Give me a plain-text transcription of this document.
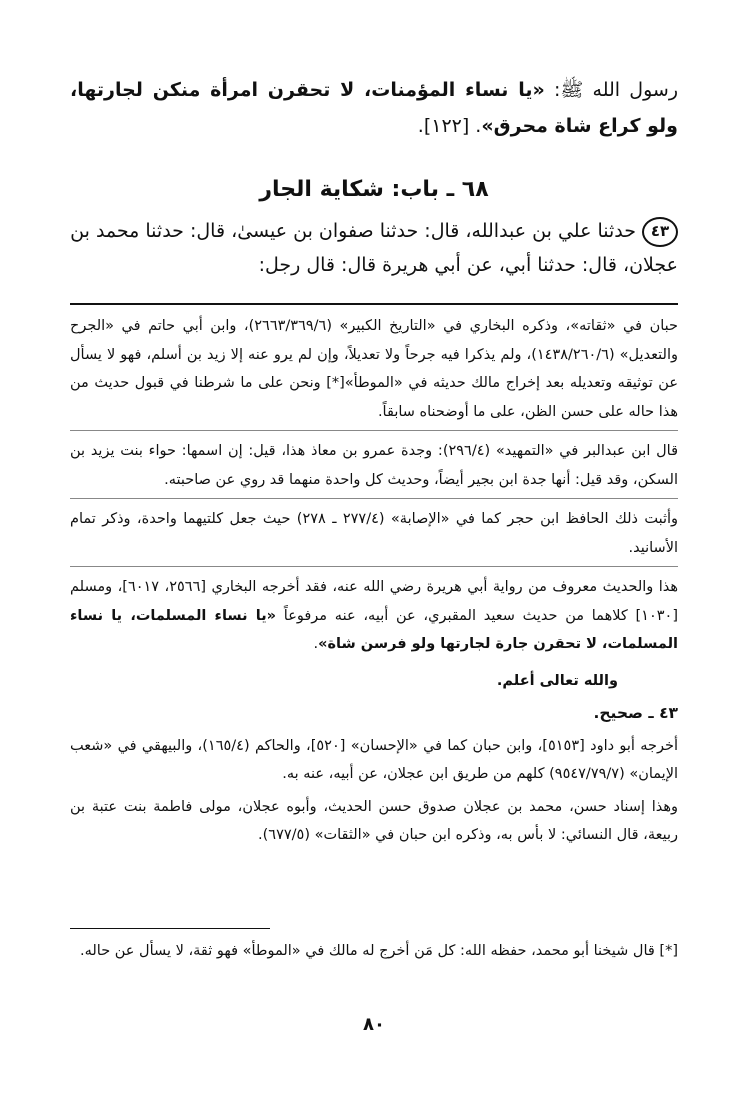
رسول الله ﷺ: «يا نساء المؤمنات، لا تحقرن امرأة منكن لجارتها، ولو كراع شاة محرق». [١٢٢].

٦٨ ـ باب: شكاية الجار

٤٣حدثنا علي بن عبدالله، قال: حدثنا صفوان بن عيسىٰ، قال: حدثنا محمد بن عجلان، قال: حدثنا أبي، عن أبي هريرة قال: قال رجل:

حبان في «ثقاته»، وذكره البخاري في «التاريخ الكبير» (٢٦٦٣/٣٦٩/٦)، وابن أبي حاتم في «الجرح والتعديل» (١٤٣٨/٢٦٠/٦)، ولم يذكرا فيه جرحاً ولا تعديلاً، وإن لم يرو عنه إلا زيد بن أسلم، فهو لا يسأل عن توثيقه وتعديله بعد إخراج مالك حديثه في «الموطأ»[*] ونحن على ما شرطنا في قبول حديث من هذا حاله على حسن الظن، على ما أوضحناه سابقاً.

قال ابن عبدالبر في «التمهيد» (٢٩٦/٤): وجدة عمرو بن معاذ هذا، قيل: إن اسمها: حواء بنت يزيد بن السكن، وقد قيل: أنها جدة ابن بجير أيضاً، وحديث كل واحدة منهما قد روي عن صاحبته.

وأثبت ذلك الحافظ ابن حجر كما في «الإصابة» (٢٧٧/٤ ـ ٢٧٨) حيث جعل كلتيهما واحدة، وذكر تمام الأسانيد.

هذا والحديث معروف من رواية أبي هريرة رضي الله عنه، فقد أخرجه البخاري [٢٥٦٦، ٦٠١٧]، ومسلم [١٠٣٠] كلاهما من حديث سعيد المقبري، عن أبيه، عنه مرفوعاً «يا نساء المسلمات، يا نساء المسلمات، لا تحقرن جارة لجارتها ولو فرسن شاة».

والله تعالى أعلم.

٤٣ ـ صحيح.

أخرجه أبو داود [٥١٥٣]، وابن حبان كما في «الإحسان» [٥٢٠]، والحاكم (١٦٥/٤)، والبيهقي في «شعب الإيمان» (٩٥٤٧/٧٩/٧) كلهم من طريق ابن عجلان، عن أبيه، عنه به.

وهذا إسناد حسن، محمد بن عجلان صدوق حسن الحديث، وأبوه عجلان، مولى فاطمة بنت عتبة بن ربيعة، قال النسائي: لا بأس به، وذكره ابن حبان في «الثقات» (٦٧٧/٥).

[*] قال شيخنا أبو محمد، حفظه الله: كل مَن أخرج له مالك في «الموطأ» فهو ثقة، لا يسأل عن حاله.

٨٠
